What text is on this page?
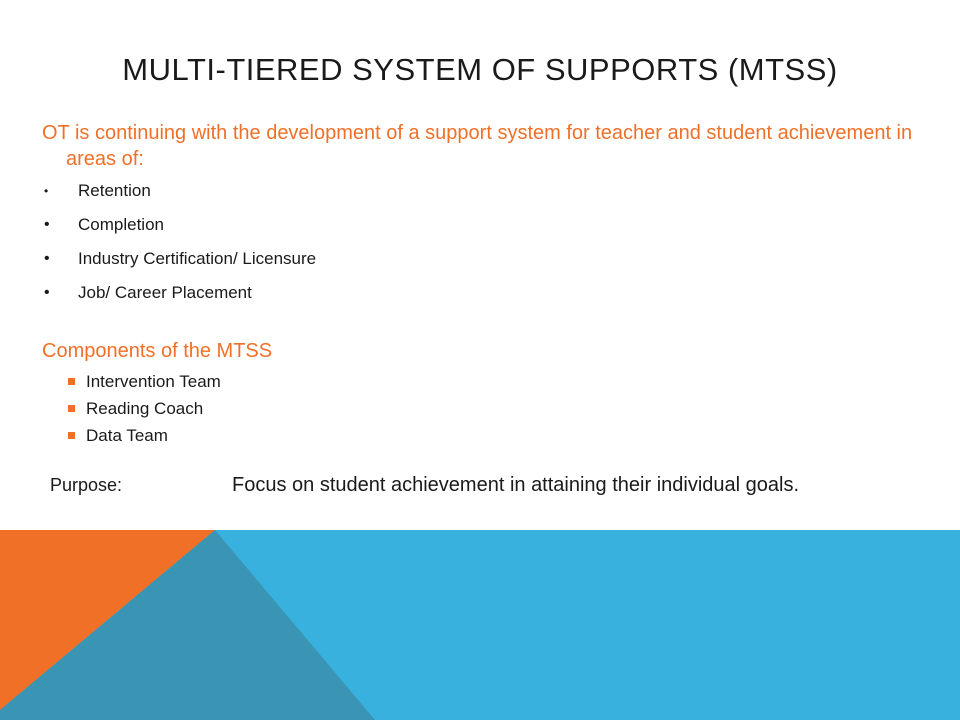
MULTI-TIERED SYSTEM OF SUPPORTS (MTSS)
OT is continuing with the development of a support system for teacher and student achievement in areas of:
• Retention
• Completion
• Industry Certification/ Licensure
• Job/ Career Placement
Components of the MTSS
Intervention Team
Reading Coach
Data Team
Purpose:	Focus on student achievement in attaining their individual goals.
